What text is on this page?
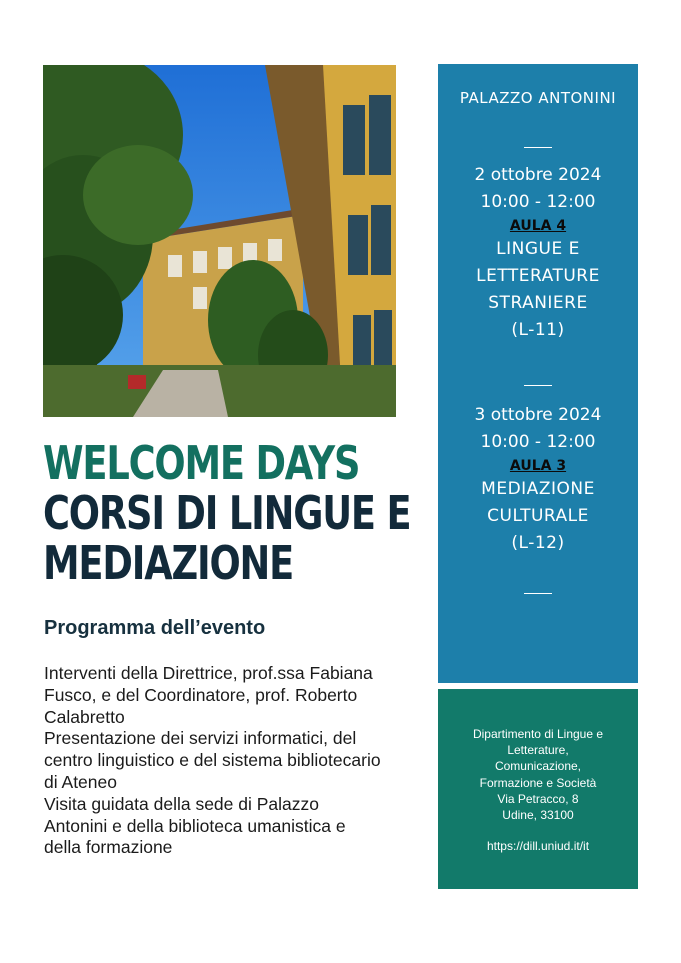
WELCOME DAYS
CORSI DI LINGUE E
MEDIAZIONE
Programma dell’evento

Interventi della Direttrice, prof.ssa Fabiana Fusco, e del Coordinatore, prof. Roberto Calabretto

Presentazione dei servizi informatici, del centro linguistico e del sistema bibliotecario di Ateneo

Visita guidata della sede di Palazzo Antonini e della biblioteca umanistica e della formazione

PALAZZO ANTONINI
2 ottobre 2024
10:00 - 12:00
AULA 4
LINGUE E
LETTERATURE
STRANIERE
(L-11)
3 ottobre 2024
10:00 - 12:00
AULA 3
MEDIAZIONE
CULTURALE
(L-12)
Dipartimento di Lingue e
Letterature,
Comunicazione,
Formazione e Società
Via Petracco, 8
Udine, 33100
https://dill.uniud.it/it
